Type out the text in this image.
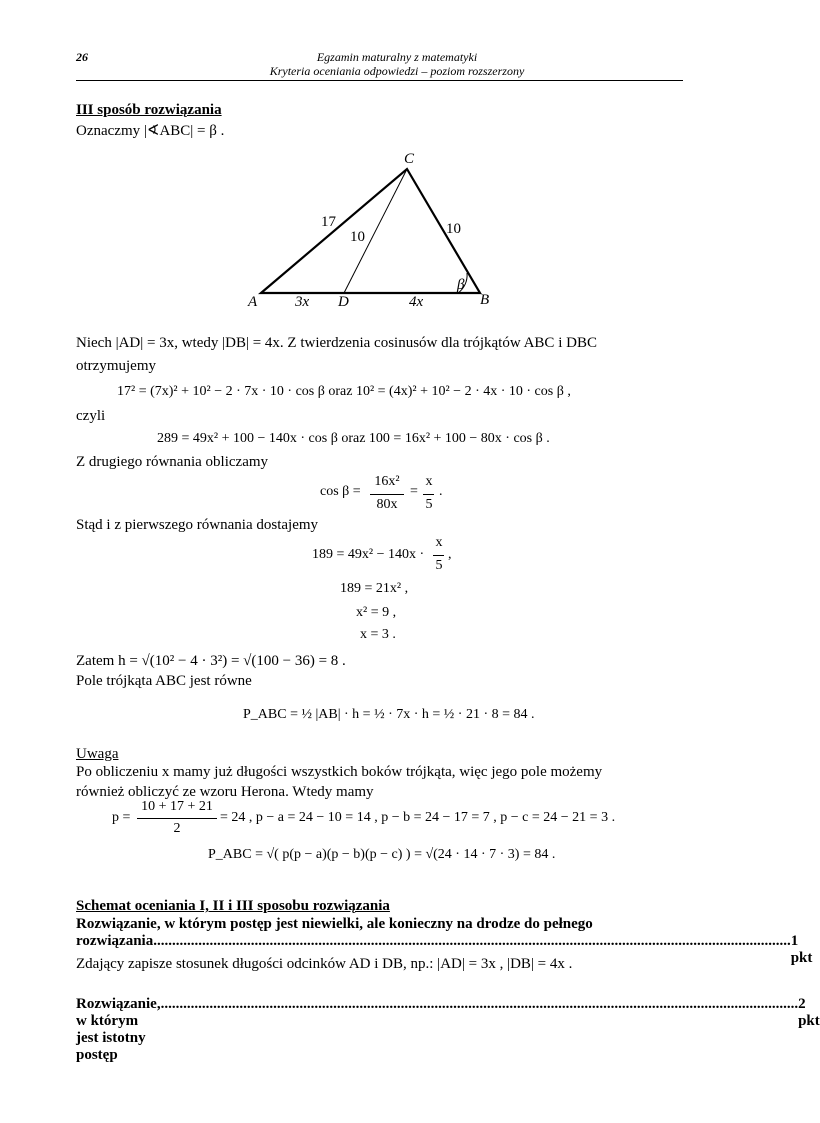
26	Egzamin maturalny z matematyki
Kryteria oceniania odpowiedzi – poziom rozszerzony
III sposób rozwiązania
Oznaczmy |∢ABC| = β .
C
A	D	B
17
10	10
β
3x	4x
Niech |AD| = 3x, wtedy |DB| = 4x. Z twierdzenia cosinusów dla trójkątów ABC i DBC
otrzymujemy
17² = (7x)² + 10² − 2 · 7x · 10 · cos β oraz 10² = (4x)² + 10² − 2 · 4x · 10 · cos β ,
czyli
289 = 49x² + 100 − 140x · cos β oraz 100 = 16x² + 100 − 80x · cos β .
Z drugiego równania obliczamy
cos β =
16x²
80x
=
x
5
.
Stąd i z pierwszego równania dostajemy
189 = 49x² − 140x ·
x
5
,
189 = 21x² ,
x² = 9 ,
x = 3 .
Zatem h = √(10² − 4 · 3²) = √(100 − 36) = 8 .
Pole trójkąta ABC jest równe
P_ABC = ½ |AB| · h = ½ · 7x · h = ½ · 21 · 8 = 84 .
Uwaga
Po obliczeniu x mamy już długości wszystkich boków trójkąta, więc jego pole możemy
również obliczyć ze wzoru Herona. Wtedy mamy
p =
10 + 17 + 21
2
= 24 , p − a = 24 − 10 = 14 , p − b = 24 − 17 = 7 , p − c = 24 − 21 = 3 .
P_ABC = √( p(p − a)(p − b)(p − c) ) = √(24 · 14 · 7 · 3) = 84 .
Schemat oceniania I, II i III sposobu rozwiązania
Rozwiązanie, w którym postęp jest niewielki, ale konieczny na drodze do pełnego
rozwiązania .......................................................................................................................................................................... 1 pkt
Zdający zapisze stosunek długości odcinków AD i DB, np.: |AD| = 3x , |DB| = 4x .
Rozwiązanie, w którym jest istotny postęp
.......................................................................................................................................................................... 2 pkt
